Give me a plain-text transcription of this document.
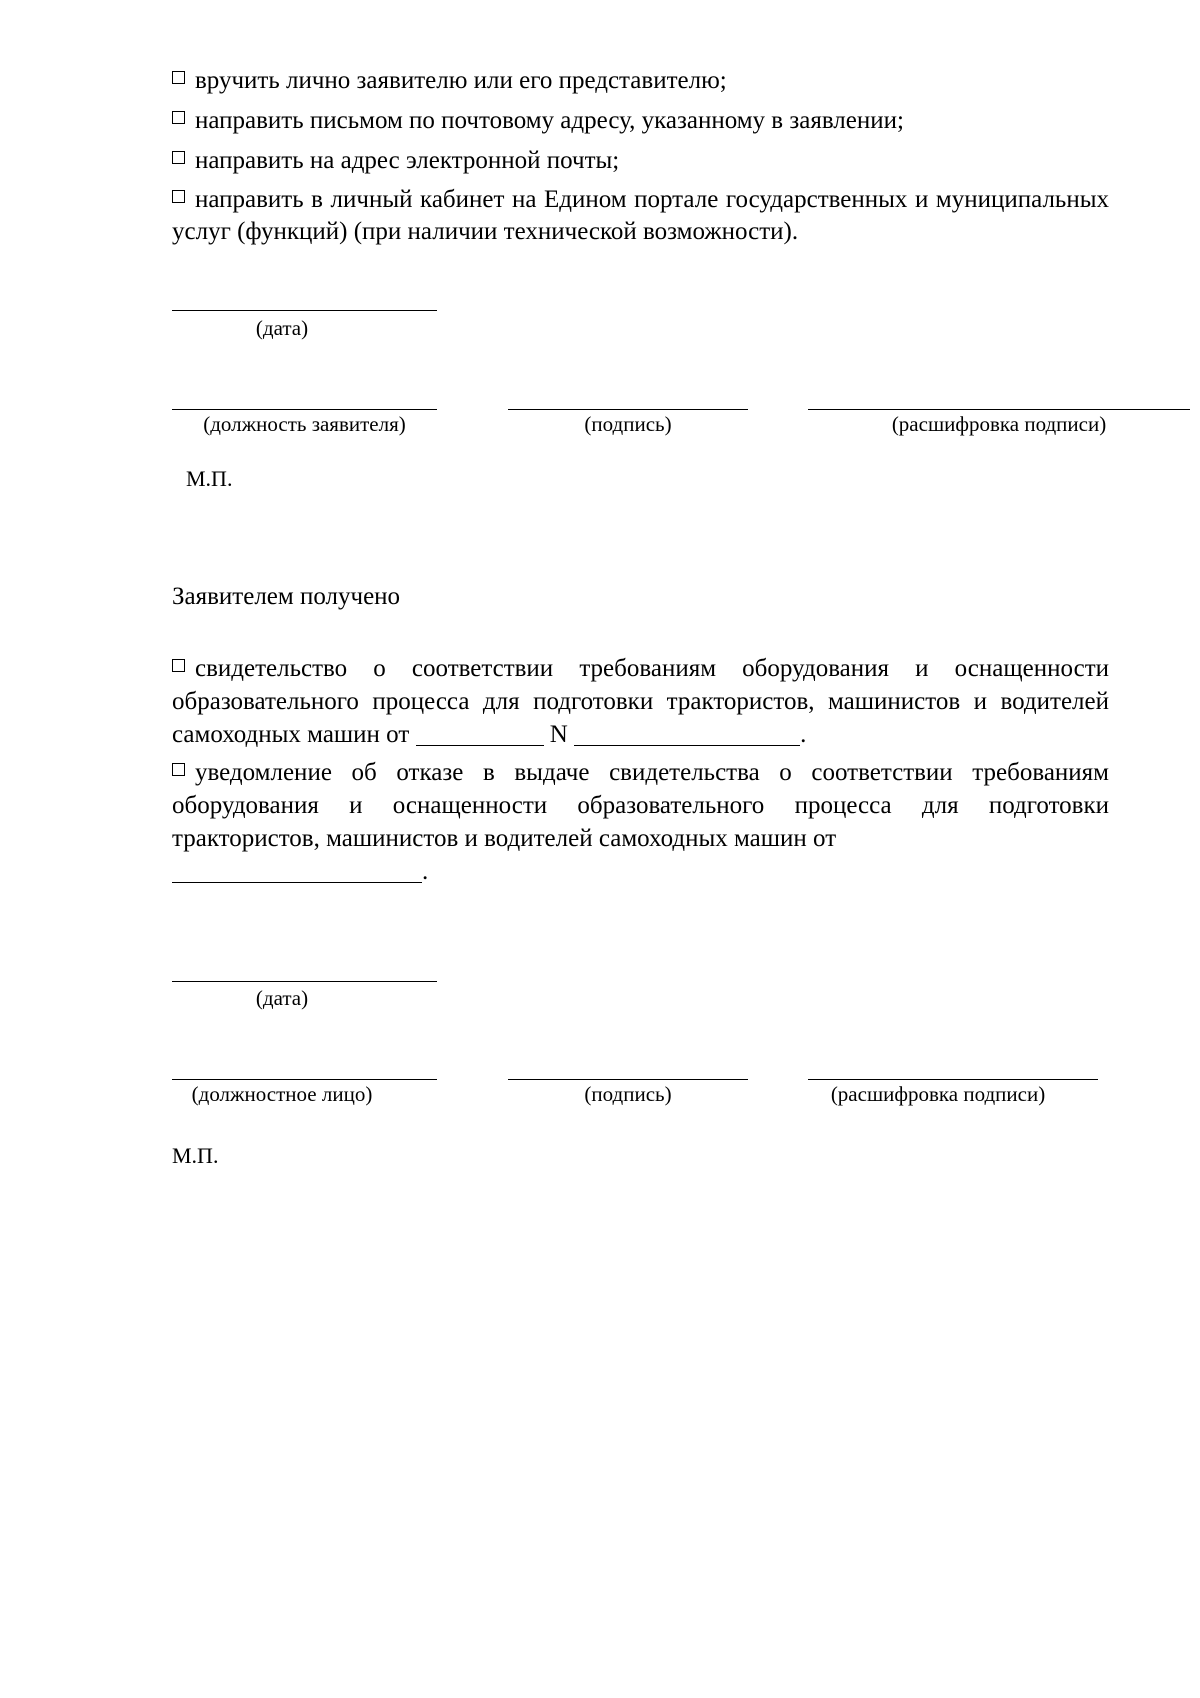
вручить лично заявителю или его представителю;
направить письмом по почтовому адресу, указанному в заявлении;
направить на адрес электронной почты;
направить в личный кабинет на Едином портале государственных и муниципальных услуг (функций) (при наличии технической возможности).
(дата)
(должность заявителя)	(подпись)	(расшифровка подписи)
М.П.
Заявителем получено
свидетельство о соответствии требованиям оборудования и оснащенности образовательного процесса для подготовки трактористов, машинистов и водителей самоходных машин от	N	.
уведомление об отказе в выдаче свидетельства о соответствии требованиям оборудования и оснащенности образовательного процесса для подготовки трактористов, машинистов и водителей самоходных машин от
.
(дата)
(должностное лицо)	(подпись)	(расшифровка подписи)
М.П.
